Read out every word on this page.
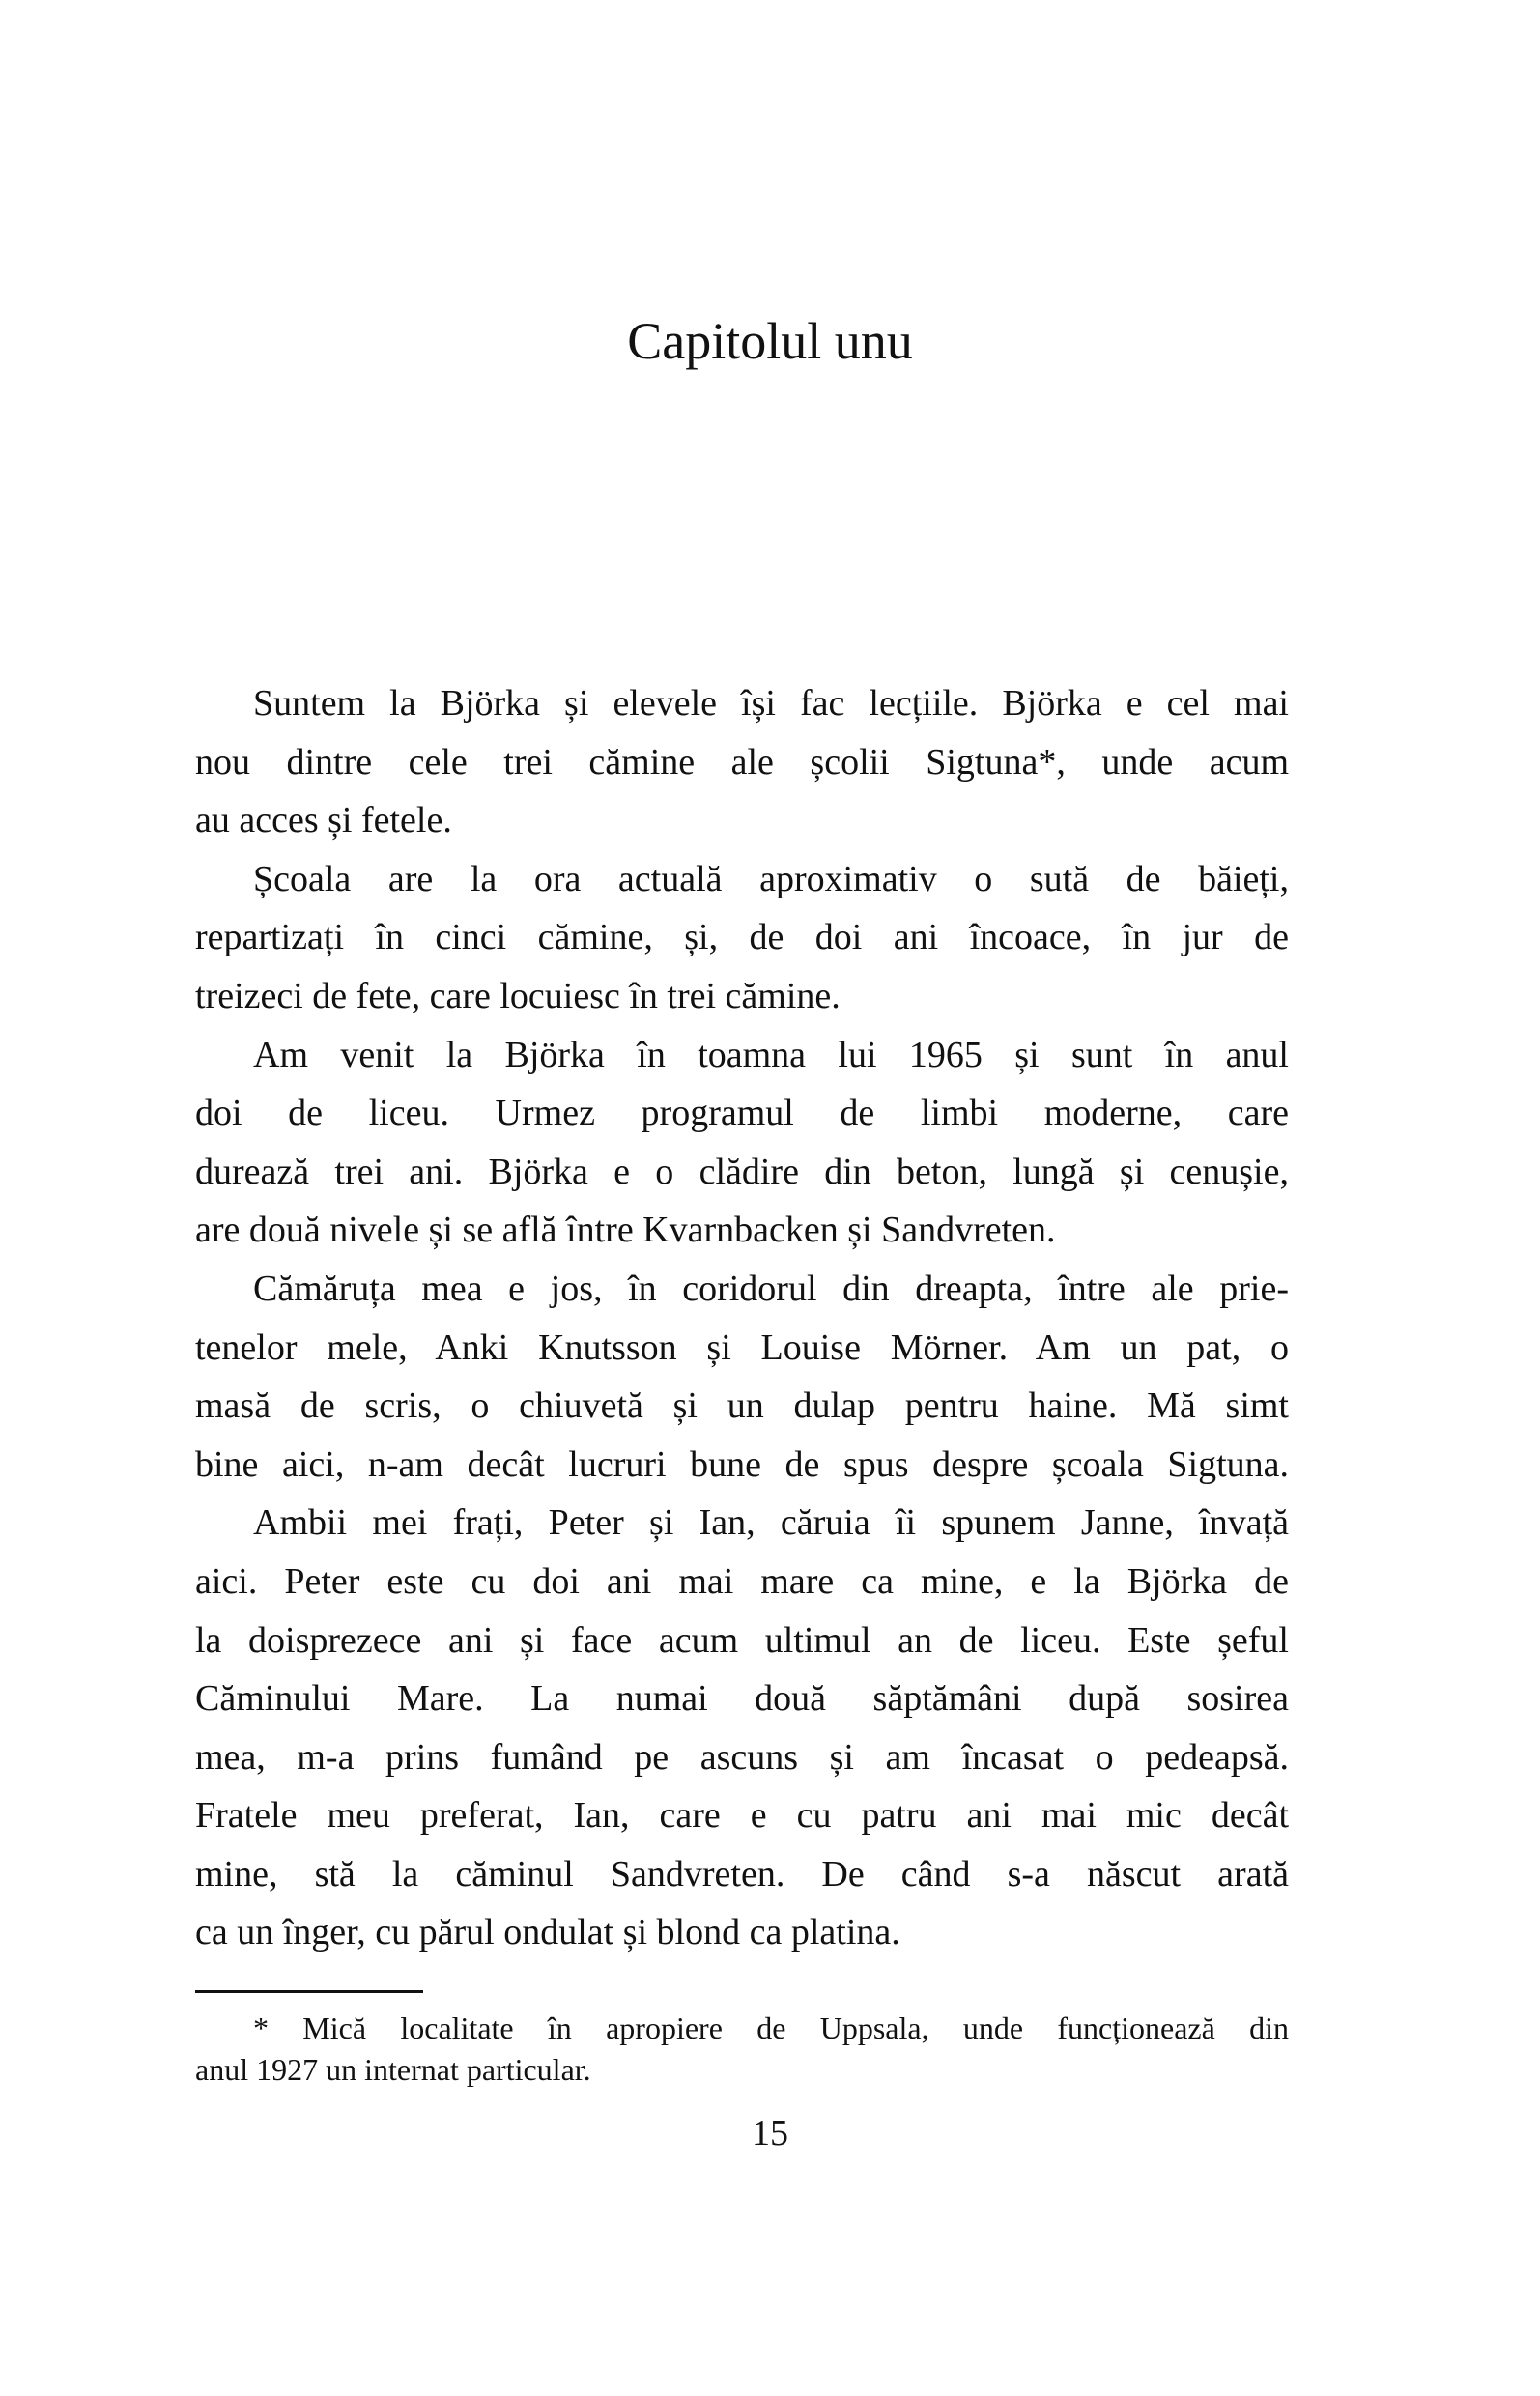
Capitolul unu
Suntem la Björka și elevele își fac lecțiile. Björka e cel mai
nou dintre cele trei cămine ale școlii Sigtuna*, unde acum
au acces și fetele.
Școala are la ora actuală aproximativ o sută de băieți,
repartizați în cinci cămine, și, de doi ani încoace, în jur de
treizeci de fete, care locuiesc în trei cămine.
Am venit la Björka în toamna lui 1965 și sunt în anul
doi de liceu. Urmez programul de limbi moderne, care
durează trei ani. Björka e o clădire din beton, lungă și cenușie,
are două nivele și se află între Kvarnbacken și Sandvreten.
Cămăruța mea e jos, în coridorul din dreapta, între ale prie-
tenelor mele, Anki Knutsson și Louise Mörner. Am un pat, o
masă de scris, o chiuvetă și un dulap pentru haine. Mă simt
bine aici, n-am decât lucruri bune de spus despre școala Sigtuna.
Ambii mei frați, Peter și Ian, căruia îi spunem Janne, învață
aici. Peter este cu doi ani mai mare ca mine, e la Björka de
la doisprezece ani și face acum ultimul an de liceu. Este șeful
Căminului Mare. La numai două săptămâni după sosirea
mea, m-a prins fumând pe ascuns și am încasat o pedeapsă.
Fratele meu preferat, Ian, care e cu patru ani mai mic decât
mine, stă la căminul Sandvreten. De când s-a născut arată
ca un înger, cu părul ondulat și blond ca platina.
* Mică localitate în apropiere de Uppsala, unde funcționează din
anul 1927 un internat particular.
15
